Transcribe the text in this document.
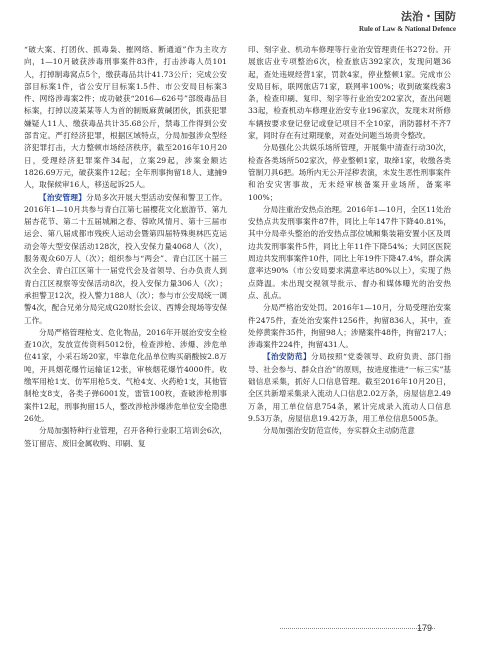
法治・国防
Rule of Law & National Defence

“破大案、打团伙、抓毒枭、摧网络、断通道”作为主攻方向，1—10月破获涉毒刑事案件83件，打击涉毒人员101人，打掉制毒窝点5个，缴获毒品共计41.73公斤；完成公安部目标案1件，省公安厅目标案1.5件、市公安局目标案3件、网络涉毒案2件；成功破获“2016—626号”部级毒品目标案，打掉以凌某某等人为首的制贩麻黄碱团伙，抓获犯罪嫌疑人11人、缴获毒品共计35.68公斤，禁毒工作得到公安部肯定。严打经济犯罪，根据区域特点，分局加强涉众型经济犯罪打击，大力整顿市场经济秩序，截至2016年10月20日，受理经济犯罪案件34起，立案29起，涉案金额达1826.69万元，破获案件12起；全年刑事拘留18人、逮捕9人，取保候审16人，移送起诉25人。

【治安管理】分局多次开展大型活动安保和警卫工作。2016年1—10月共参与青白江第七届樱花文化旅游节、第九届杏花节、第二十五届城厢之春、蓉欧风情月、第十三届市运会、第八届成都市残疾人运动会暨第四届特殊奥林匹克运动会等大型安保活动128次，投入安保力量4068人（次），服务观众60万人（次）；组织参与“两会”、青白江区十届三次全会、青白江区第十一届党代会及省领导、台办负责人到青白江区视察等安保活动8次，投入安保力量306人（次）；承担警卫12次，投入警力188人（次）；参与市公安局统一调警4次，配合兄弟分局完成G20财长会议、西博会现场等安保工作。

分局严格管理枪支、危化物品，2016年开展治安安全检查10次，发放宣传资料5012份，检查涉枪、涉爆、涉危单位41家，小采石场20家，牢靠危化品单位购买硝酸铵2.8万吨，开具烟花爆竹运输证12张，审核烟花爆竹4000件。收缴军用枪1支、仿军用枪5支、气枪4支、火药枪1支，其他管制枪支8支，各类子弹6001发，雷管100枚，查破涉枪刑事案件12起，刑事拘留15人，整改涉枪涉爆涉危单位安全隐患26处。

分局加强特种行业管理，召开各种行业职工培训会6次，签订留店、废旧金属收购、印刷、复

印、刻字业、机动车修理等行业治安管理责任书272份。开展旅店业专项整治6次，检查旅店392家次，发现问题36起，查处违规经营1家，罚款4家，停业整顿1家。完成市公安局目标，联网旅店71家，联网率100%；收到破案线索3条，检查印刷、复印、刻字等行业治安202家次，查出问题33起，检查机动车修理业治安专业196家次，发现未对所修车辆按要求登记登记或登记项目不全10家，消防器材不齐7家，同时存在有过期现象，对查处问题当场责令整改。

分局强化公共娱乐场所管理，开展集中清查行动30次，检查各类场所502家次，停业整顿1家，取缔1家，收缴各类管制刀具6把。场所内无公开淫秽表演，未发生恶性刑事案件和治安灾害事故，无未经审核备案开业场所，备案率100%；

分局注重治安热点治理。2016年1—10月，全区11处治安热点共发刑事案件87件，同比上年147件下降40.81%，其中分局牵头整治的治安热点部位城厢集装箱安置小区及周边共发刑事案件5件，同比上年11件下降54%；大同区医院周边共发刑事案件10件，同比上年19件下降47.4%，群众满意率达90%（市公安局要求满意率达80%以上），实现了热点降温。未出现交视领导批示、督办和媒体曝光的治安热点、乱点。

分局严格治安处罚。2016年1—10月，分局受理治安案件2475件，查处治安案件1256件，拘留836人，其中，查处停黄案件35件，拘留98人；涉赌案件48件，拘留217人；涉毒案件224件，拘留431人。

【治安防范】分局按照“党委领导、政府负责、部门指导、社会参与、群众自治”的原则，按进度推进“一标三实”基础信息采集，抓好人口信息管理。截至2016年10月20日，全区共新增采集录入流动人口信息2.02万条，房屋信息2.49万条，用工单位信息754条，累计完成录入流动人口信息9.53万条，房屋信息19.42万条，用工单位信息5005条。

分局加强治安防范宣传，夯实群众主动防范意

179
